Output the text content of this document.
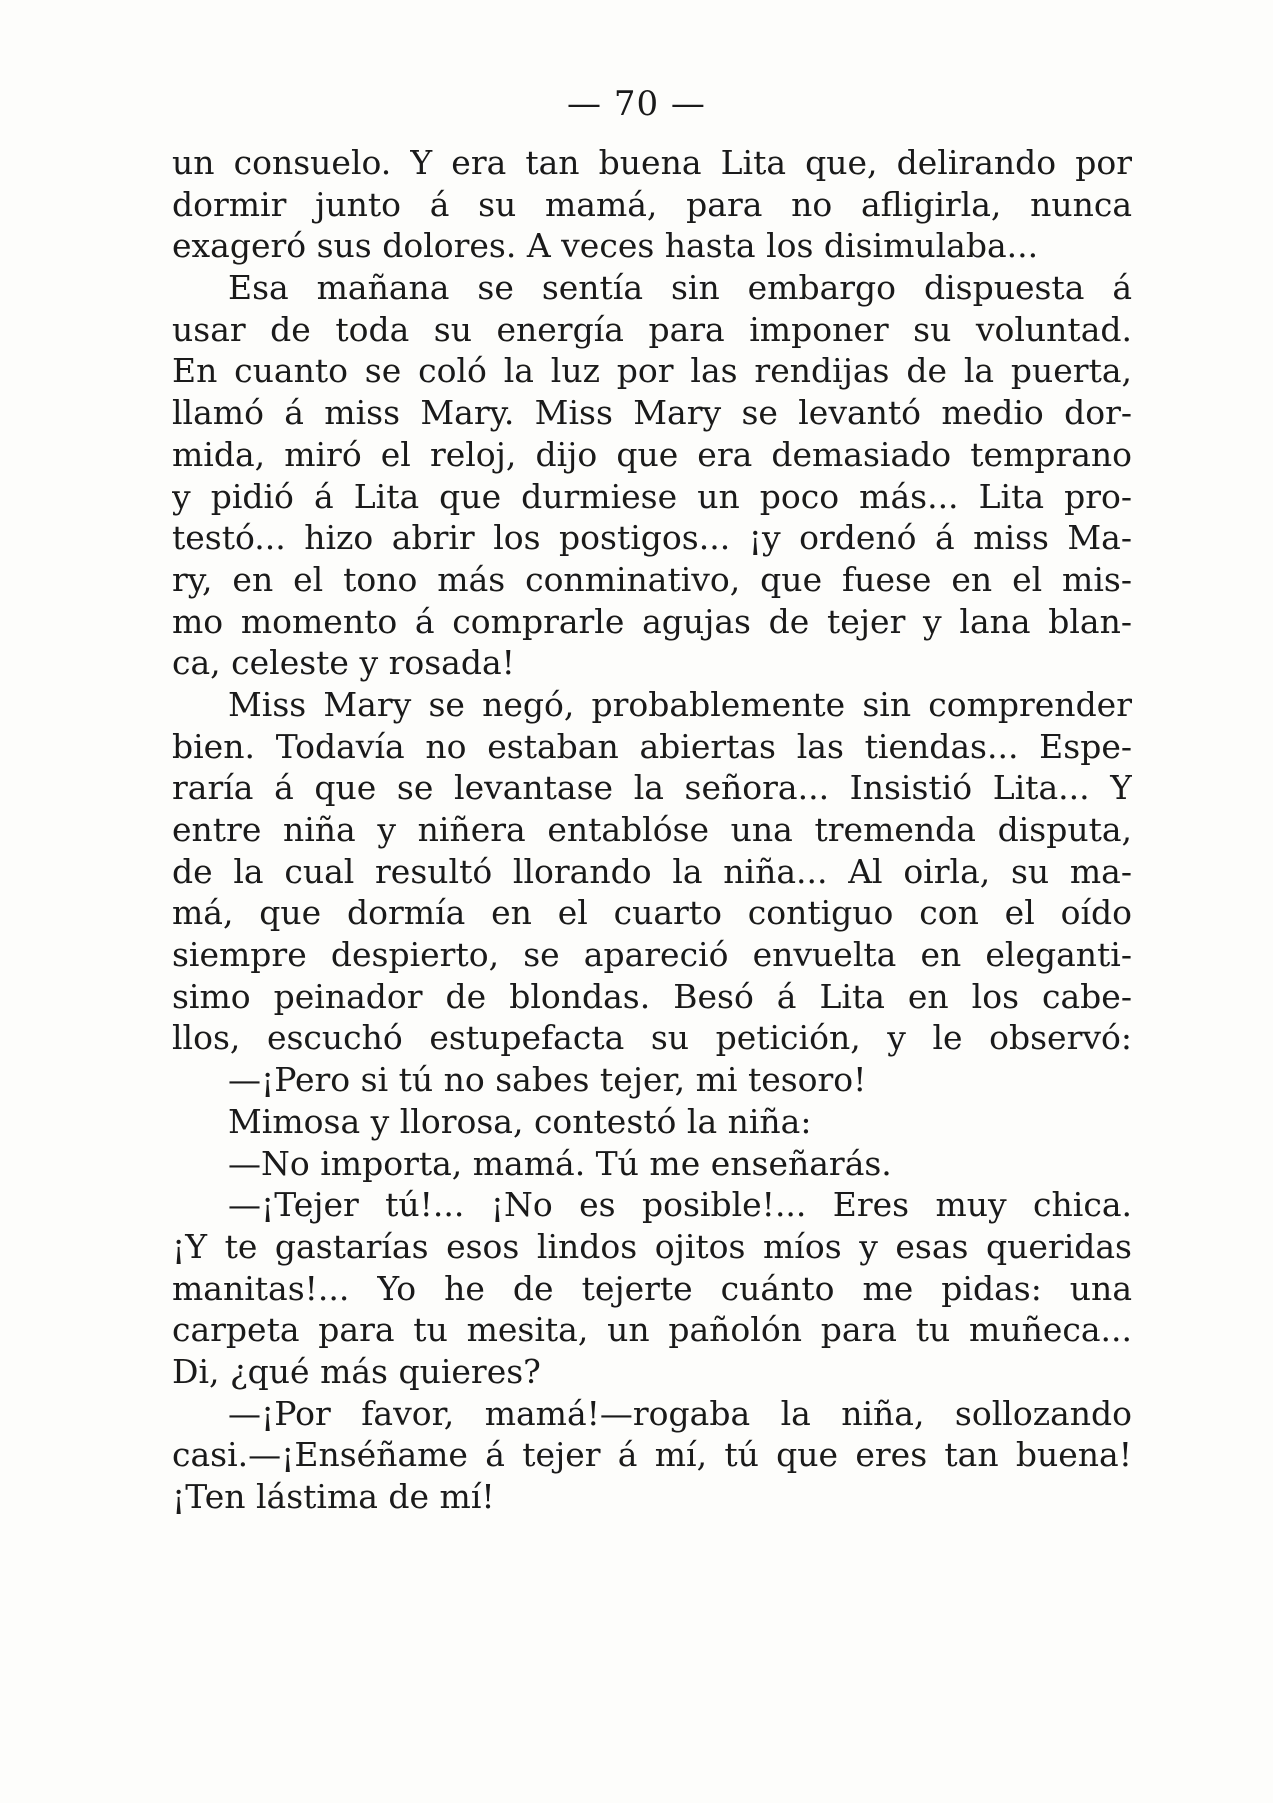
— 70 —
un consuelo. Y era tan buena Lita que, delirando por
dormir junto á su mamá, para no afligirla, nunca
exageró sus dolores. A veces hasta los disimulaba...
Esa mañana se sentía sin embargo dispuesta á
usar de toda su energía para imponer su voluntad.
En cuanto se coló la luz por las rendijas de la puerta,
llamó á miss Mary. Miss Mary se levantó medio dor-
mida, miró el reloj, dijo que era demasiado temprano
y pidió á Lita que durmiese un poco más... Lita pro-
testó... hizo abrir los postigos... ¡y ordenó á miss Ma-
ry, en el tono más conminativo, que fuese en el mis-
mo momento á comprarle agujas de tejer y lana blan-
ca, celeste y rosada!
Miss Mary se negó, probablemente sin comprender
bien. Todavía no estaban abiertas las tiendas... Espe-
raría á que se levantase la señora... Insistió Lita... Y
entre niña y niñera entablóse una tremenda disputa,
de la cual resultó llorando la niña... Al oirla, su ma-
má, que dormía en el cuarto contiguo con el oído
siempre despierto, se apareció envuelta en eleganti-
simo peinador de blondas. Besó á Lita en los cabe-
llos, escuchó estupefacta su petición, y le observó:
—¡Pero si tú no sabes tejer, mi tesoro!
Mimosa y llorosa, contestó la niña:
—No importa, mamá. Tú me enseñarás.
—¡Tejer tú!... ¡No es posible!... Eres muy chica.
¡Y te gastarías esos lindos ojitos míos y esas queridas
manitas!... Yo he de tejerte cuánto me pidas: una
carpeta para tu mesita, un pañolón para tu muñeca...
Di, ¿qué más quieres?
—¡Por favor, mamá!—rogaba la niña, sollozando
casi.—¡Enséñame á tejer á mí, tú que eres tan buena!
¡Ten lástima de mí!
